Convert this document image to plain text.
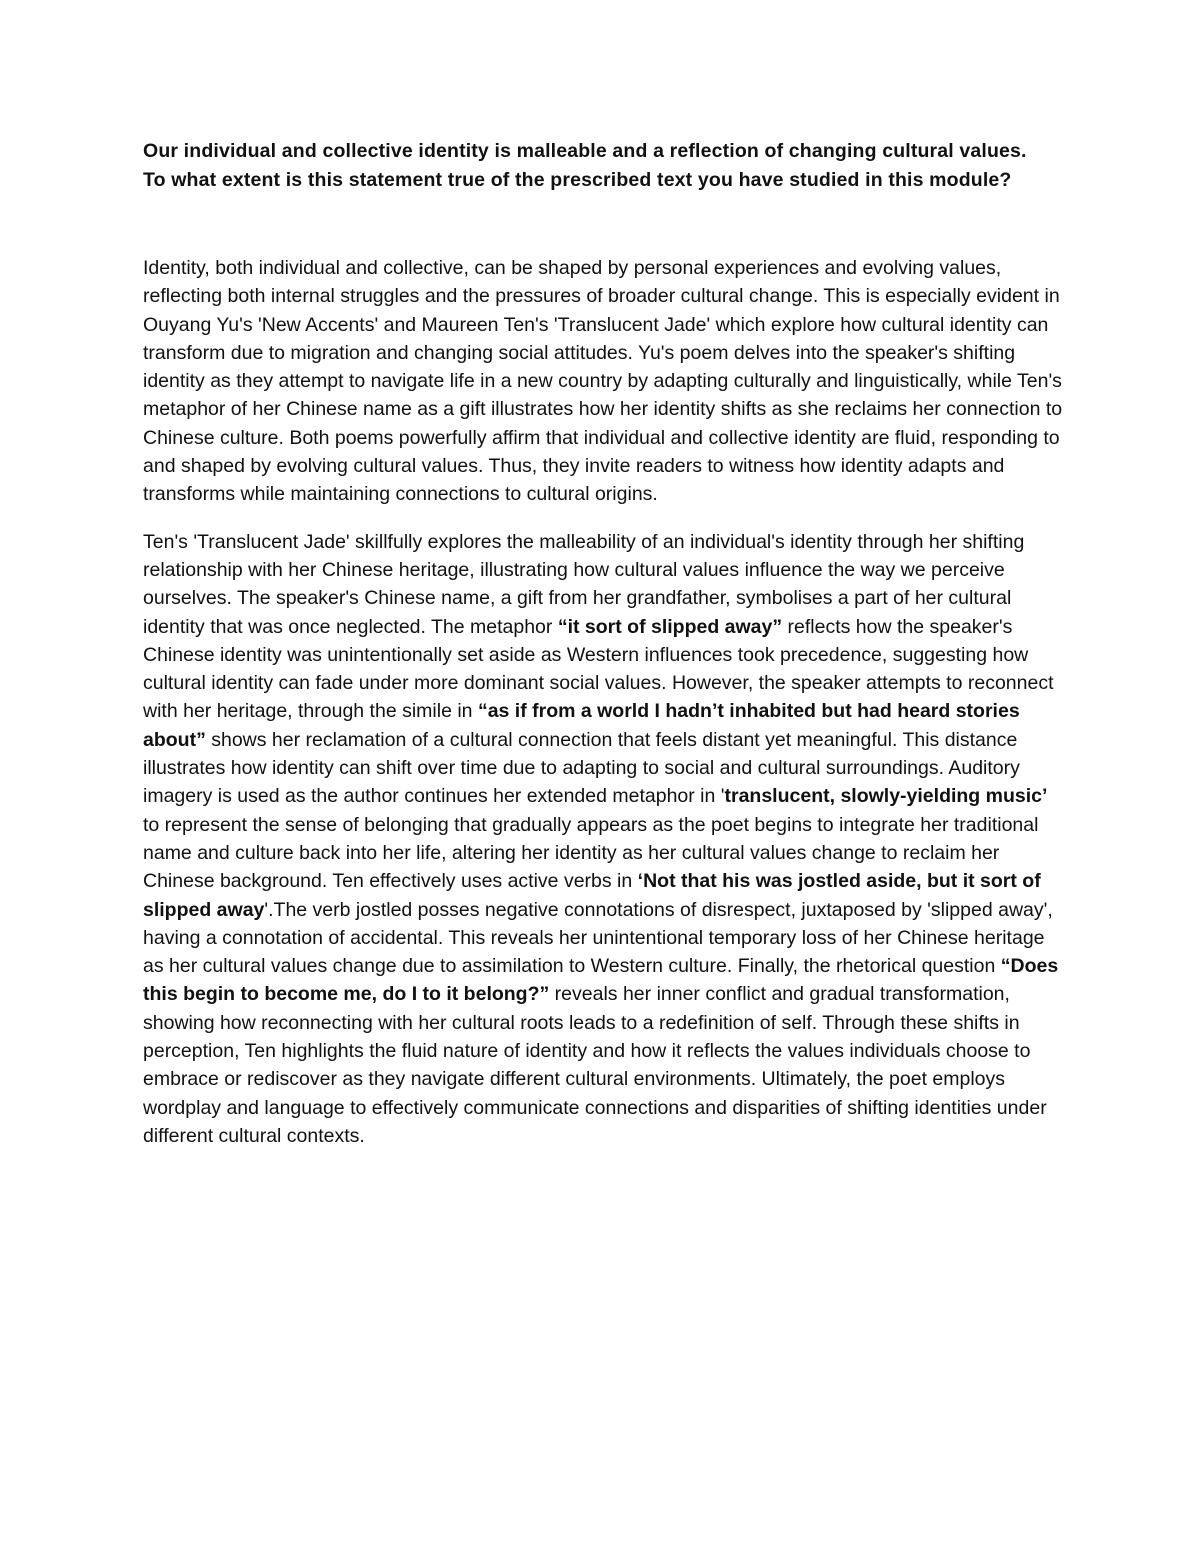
Our individual and collective identity is malleable and a reflection of changing cultural values.

To what extent is this statement true of the prescribed text you have studied in this module?

Identity, both individual and collective, can be shaped by personal experiences and evolving values, reflecting both internal struggles and the pressures of broader cultural change. This is especially evident in Ouyang Yu's 'New Accents' and Maureen Ten's 'Translucent Jade' which explore how cultural identity can transform due to migration and changing social attitudes. Yu's poem delves into the speaker's shifting identity as they attempt to navigate life in a new country by adapting culturally and linguistically, while Ten's metaphor of her Chinese name as a gift illustrates how her identity shifts as she reclaims her connection to Chinese culture. Both poems powerfully affirm that individual and collective identity are fluid, responding to and shaped by evolving cultural values. Thus, they invite readers to witness how identity adapts and transforms while maintaining connections to cultural origins.

Ten's 'Translucent Jade' skillfully explores the malleability of an individual's identity through her shifting relationship with her Chinese heritage, illustrating how cultural values influence the way we perceive ourselves. The speaker's Chinese name, a gift from her grandfather, symbolises a part of her cultural identity that was once neglected. The metaphor “it sort of slipped away” reflects how the speaker's Chinese identity was unintentionally set aside as Western influences took precedence, suggesting how cultural identity can fade under more dominant social values. However, the speaker attempts to reconnect with her heritage, through the simile in “as if from a world I hadn’t inhabited but had heard stories about” shows her reclamation of a cultural connection that feels distant yet meaningful. This distance illustrates how identity can shift over time due to adapting to social and cultural surroundings. Auditory imagery is used as the author continues her extended metaphor in 'translucent, slowly-yielding music’ to represent the sense of belonging that gradually appears as the poet begins to integrate her traditional name and culture back into her life, altering her identity as her cultural values change to reclaim her Chinese background. Ten effectively uses active verbs in ‘Not that his was jostled aside, but it sort of slipped away'.The verb jostled posses negative connotations of disrespect, juxtaposed by 'slipped away', having a connotation of accidental. This reveals her unintentional temporary loss of her Chinese heritage as her cultural values change due to assimilation to Western culture. Finally, the rhetorical question “Does this begin to become me, do I to it belong?” reveals her inner conflict and gradual transformation, showing how reconnecting with her cultural roots leads to a redefinition of self. Through these shifts in perception, Ten highlights the fluid nature of identity and how it reflects the values individuals choose to embrace or rediscover as they navigate different cultural environments. Ultimately, the poet employs wordplay and language to effectively communicate connections and disparities of shifting identities under different cultural contexts.
